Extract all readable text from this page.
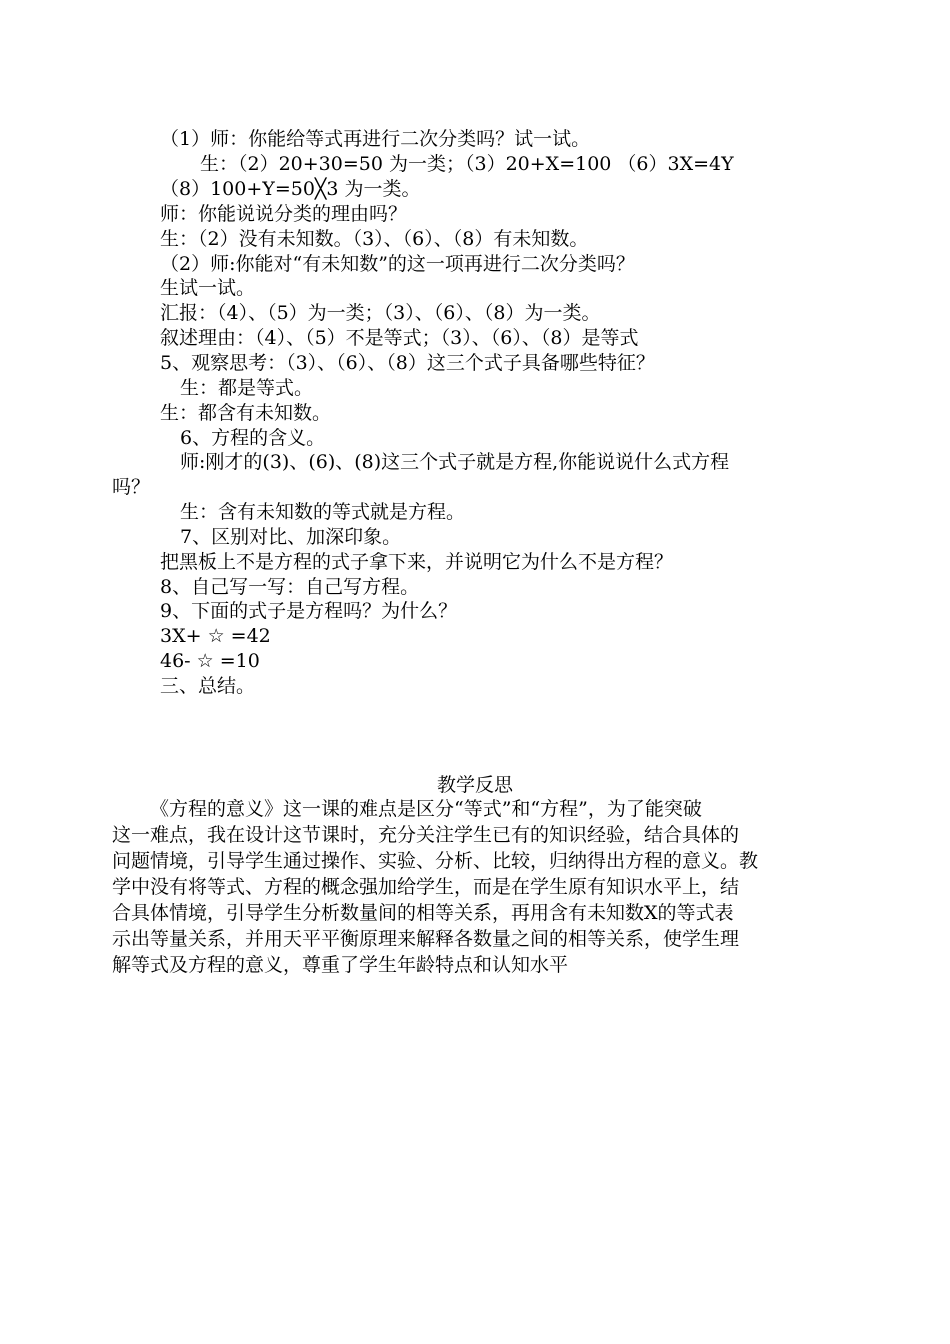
（1）师：你能给等式再进行二次分类吗？试一试。
生：（2）20+30=50 为一类；（3）20+X=100 （6）3X=4Y
（8）100+Y=50╳3 为一类。
师：你能说说分类的理由吗？
生：（2）没有未知数。（3）、（6）、（8）有未知数。
（2）师:你能对“有未知数”的这一项再进行二次分类吗？
生试一试。
汇报：（4）、（5）为一类；（3）、（6）、（8）为一类。
叙述理由：（4）、（5）不是等式；（3）、（6）、（8）是等式
5、观察思考：（3）、（6）、（8）这三个式子具备哪些特征？
生：都是等式。
生：都含有未知数。
6、方程的含义。
师:刚才的(3)、(6)、(8)这三个式子就是方程,你能说说什么式方程
吗？
生：含有未知数的等式就是方程。
7、区别对比、加深印象。
把黑板上不是方程的式子拿下来，并说明它为什么不是方程？
8、自己写一写：自己写方程。
9、下面的式子是方程吗？为什么？
3X+ ☆ =42
46- ☆ =10
三、总结。
教学反思
《方程的意义》这一课的难点是区分“等式”和“方程”，为了能突破
这一难点，我在设计这节课时，充分关注学生已有的知识经验，结合具体的
问题情境，引导学生通过操作、实验、分析、比较，归纳得出方程的意义。教
学中没有将等式、方程的概念强加给学生，而是在学生原有知识水平上，结
合具体情境，引导学生分析数量间的相等关系，再用含有未知数X的等式表
示出等量关系，并用天平平衡原理来解释各数量之间的相等关系，使学生理
解等式及方程的意义，尊重了学生年龄特点和认知水平
